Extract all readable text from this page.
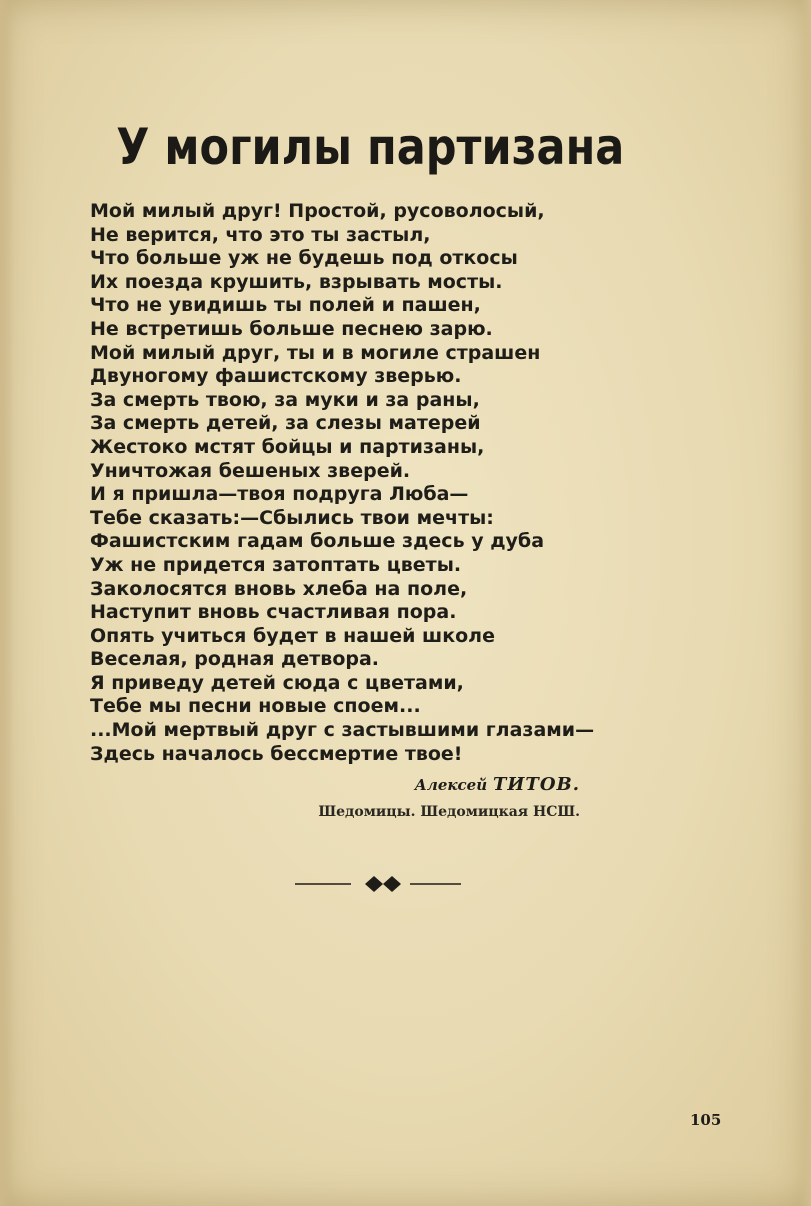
У могилы партизана
Мой милый друг! Простой, русоволосый,
Не верится, что это ты застыл,
Что больше уж не будешь под откосы
Их поезда крушить, взрывать мосты.
Что не увидишь ты полей и пашен,
Не встретишь больше песнею зарю.
Мой милый друг, ты и в могиле страшен
Двуногому фашистскому зверью.
За смерть твою, за муки и за раны,
За смерть детей, за слезы матерей
Жестоко мстят бойцы и партизаны,
Уничтожая бешеных зверей.
И я пришла—твоя подруга Люба—
Тебе сказать:—Сбылись твои мечты:
Фашистским гадам больше здесь у дуба
Уж не придется затоптать цветы.
Заколосятся вновь хлеба на поле,
Наступит вновь счастливая пора.
Опять учиться будет в нашей школе
Веселая, родная детвора.
Я приведу детей сюда с цветами,
Тебе мы песни новые споем...
...Мой мертвый друг с застывшими глазами—
Здесь началось бессмертие твое!
Алексей ТИТОВ.
Шедомицы. Шедомицкая НСШ.
105
